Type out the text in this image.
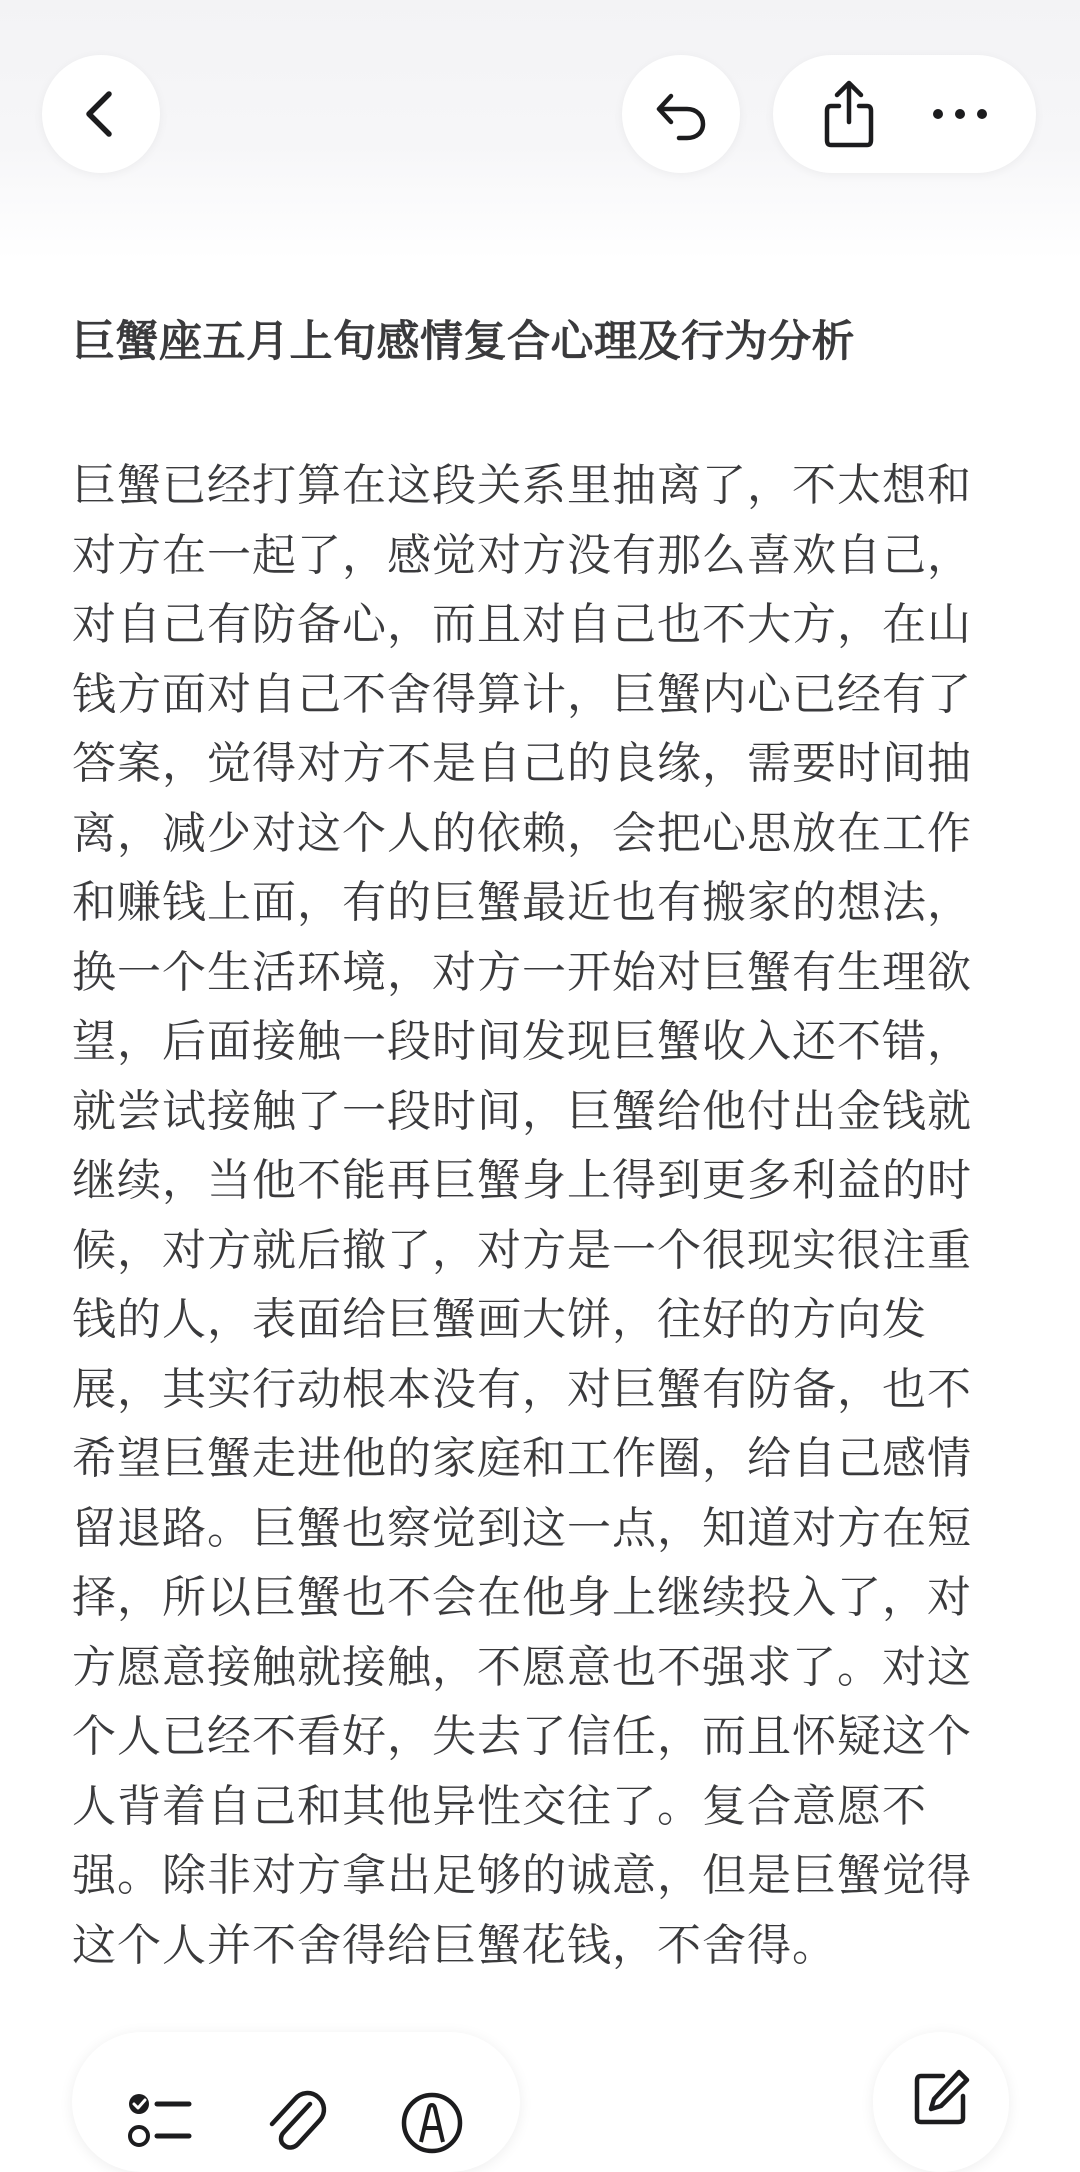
巨蟹座五月上旬感情复合心理及行为分析
巨蟹已经打算在这段关系里抽离了，不太想和
对方在一起了，感觉对方没有那么喜欢自己，
对自己有防备心，而且对自己也不大方，在山
钱方面对自己不舍得算计，巨蟹内心已经有了
答案，觉得对方不是自己的良缘，需要时间抽
离，减少对这个人的依赖，会把心思放在工作
和赚钱上面，有的巨蟹最近也有搬家的想法，
换一个生活环境，对方一开始对巨蟹有生理欲
望，后面接触一段时间发现巨蟹收入还不错，
就尝试接触了一段时间，巨蟹给他付出金钱就
继续，当他不能再巨蟹身上得到更多利益的时
候，对方就后撤了，对方是一个很现实很注重
钱的人，表面给巨蟹画大饼，往好的方向发
展，其实行动根本没有，对巨蟹有防备，也不
希望巨蟹走进他的家庭和工作圈，给自己感情
留退路。巨蟹也察觉到这一点，知道对方在短
择，所以巨蟹也不会在他身上继续投入了，对
方愿意接触就接触，不愿意也不强求了。对这
个人已经不看好，失去了信任，而且怀疑这个
人背着自己和其他异性交往了。复合意愿不
强。除非对方拿出足够的诚意，但是巨蟹觉得
这个人并不舍得给巨蟹花钱，不舍得。
